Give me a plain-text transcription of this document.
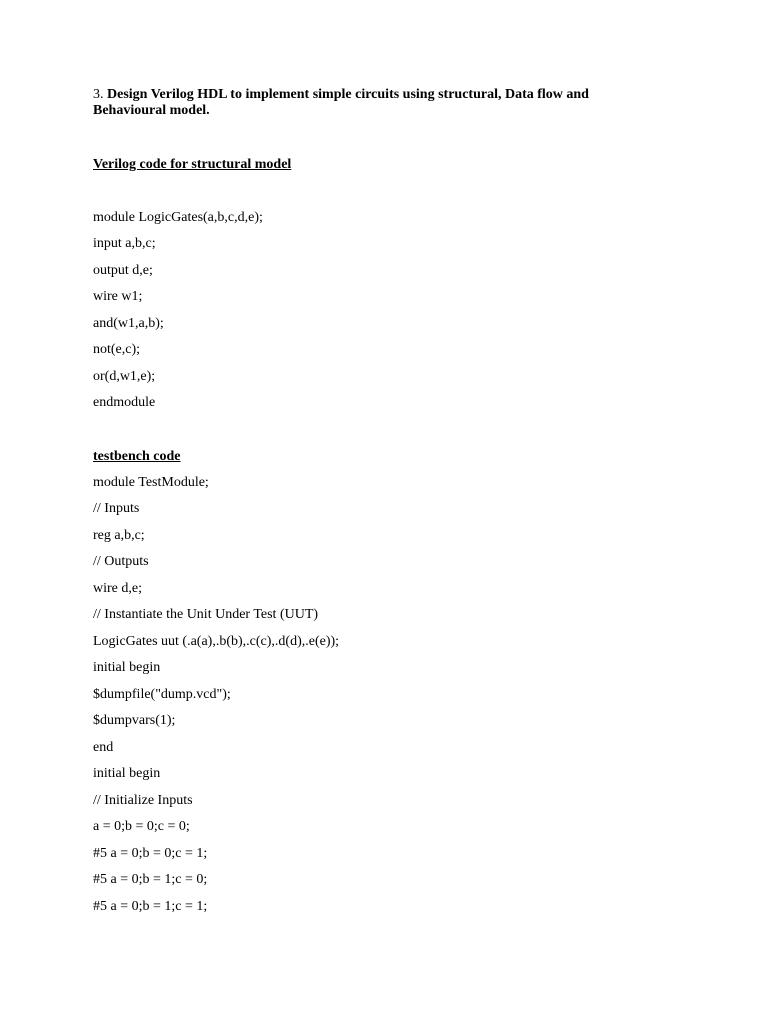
3. Design Verilog HDL to implement simple circuits using structural, Data flow and Behavioural model.
Verilog code for structural model
module LogicGates(a,b,c,d,e);
input a,b,c;
output d,e;
wire w1;
and(w1,a,b);
not(e,c);
or(d,w1,e);
endmodule
testbench code
module TestModule;
// Inputs
reg a,b,c;
// Outputs
wire d,e;
// Instantiate the Unit Under Test (UUT)
LogicGates uut (.a(a),.b(b),.c(c),.d(d),.e(e));
initial begin
$dumpfile("dump.vcd");
$dumpvars(1);
end
initial begin
// Initialize Inputs
a = 0;b = 0;c = 0;
#5 a = 0;b = 0;c = 1;
#5 a = 0;b = 1;c = 0;
#5 a = 0;b = 1;c = 1;
